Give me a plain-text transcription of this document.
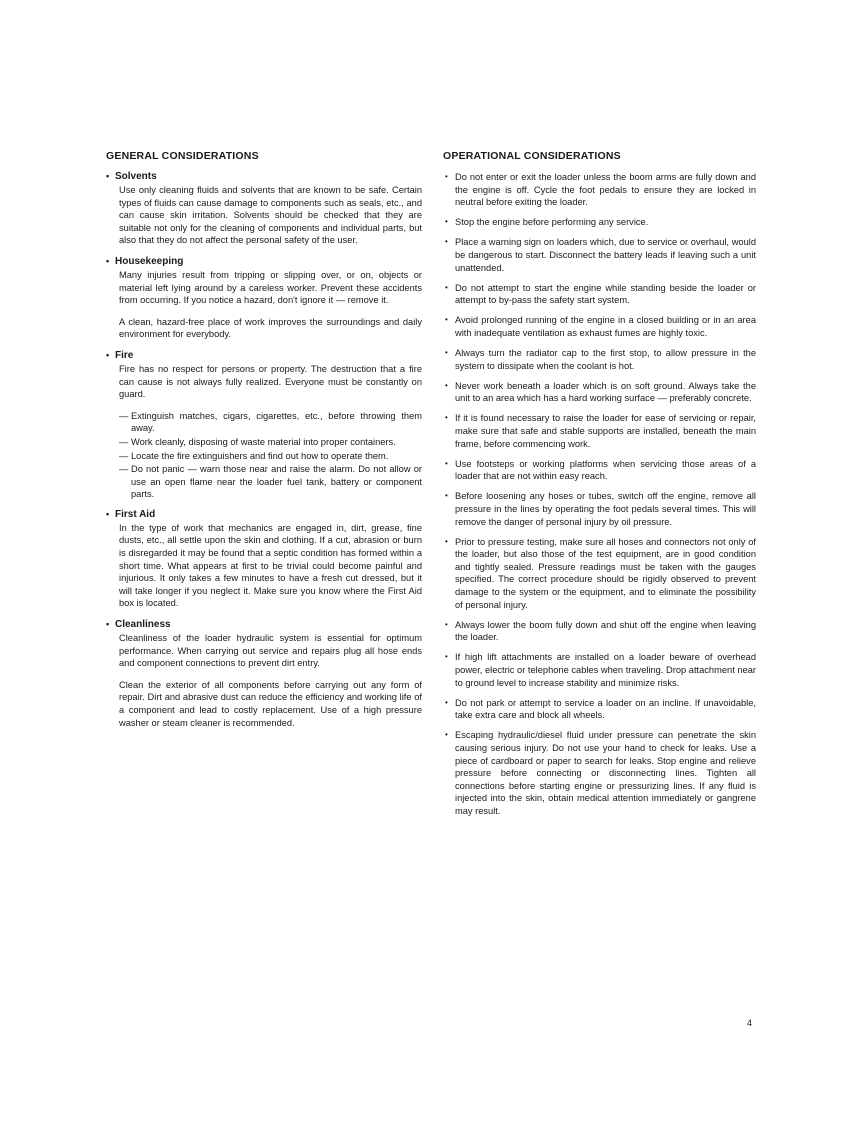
GENERAL CONSIDERATIONS
• Solvents

Use only cleaning fluids and solvents that are known to be safe. Certain types of fluids can cause damage to components such as seals, etc., and can cause skin irritation. Solvents should be checked that they are suitable not only for the cleaning of components and individual parts, but also that they do not affect the personal safety of the user.

• Housekeeping

Many injuries result from tripping or slipping over, or on, objects or material left lying around by a careless worker. Prevent these accidents from occurring. If you notice a hazard, don't ignore it — remove it.

A clean, hazard-free place of work improves the surroundings and daily environment for everybody.

• Fire

Fire has no respect for persons or property. The destruction that a fire can cause is not always fully realized. Everyone must be constantly on guard.

— Extinguish matches, cigars, cigarettes, etc., before throwing them away.
— Work cleanly, disposing of waste material into proper containers.
— Locate the fire extinguishers and find out how to operate them.
— Do not panic — warn those near and raise the alarm. Do not allow or use an open flame near the loader fuel tank, battery or component parts.
• First Aid

In the type of work that mechanics are engaged in, dirt, grease, fine dusts, etc., all settle upon the skin and clothing. If a cut, abrasion or burn is disregarded it may be found that a septic condition has formed within a short time. What appears at first to be trivial could become painful and injurious. It only takes a few minutes to have a fresh cut dressed, but it will take longer if you neglect it. Make sure you know where the First Aid box is located.

• Cleanliness

Cleanliness of the loader hydraulic system is essential for optimum performance. When carrying out service and repairs plug all hose ends and component connections to prevent dirt entry.

Clean the exterior of all components before carrying out any form of repair. Dirt and abrasive dust can reduce the efficiency and working life of a component and lead to costly replacement. Use of a high pressure washer or steam cleaner is recommended.

OPERATIONAL CONSIDERATIONS
• Do not enter or exit the loader unless the boom arms are fully down and the engine is off. Cycle the foot pedals to ensure they are locked in neutral before exiting the loader.
• Stop the engine before performing any service.
• Place a warning sign on loaders which, due to service or overhaul, would be dangerous to start. Disconnect the battery leads if leaving such a unit unattended.
• Do not attempt to start the engine while standing beside the loader or attempt to by-pass the safety start system.
• Avoid prolonged running of the engine in a closed building or in an area with inadequate ventilation as exhaust fumes are highly toxic.
• Always turn the radiator cap to the first stop, to allow pressure in the system to dissipate when the coolant is hot.
• Never work beneath a loader which is on soft ground. Always take the unit to an area which has a hard working surface — preferably concrete.
• If it is found necessary to raise the loader for ease of servicing or repair, make sure that safe and stable supports are installed, beneath the main frame, before commencing work.
• Use footsteps or working platforms when servicing those areas of a loader that are not within easy reach.
• Before loosening any hoses or tubes, switch off the engine, remove all pressure in the lines by operating the foot pedals several times. This will remove the danger of personal injury by oil pressure.
• Prior to pressure testing, make sure all hoses and connectors not only of the loader, but also those of the test equipment, are in good condition and tightly sealed. Pressure readings must be taken with the gauges specified. The correct procedure should be rigidly observed to prevent damage to the system or the equipment, and to eliminate the possibility of personal injury.
• Always lower the boom fully down and shut off the engine when leaving the loader.
• If high lift attachments are installed on a loader beware of overhead power, electric or telephone cables when traveling. Drop attachment near to ground level to increase stability and minimize risks.
• Do not park or attempt to service a loader on an incline. If unavoidable, take extra care and block all wheels.
• Escaping hydraulic/diesel fluid under pressure can penetrate the skin causing serious injury. Do not use your hand to check for leaks. Use a piece of cardboard or paper to search for leaks. Stop engine and relieve pressure before connecting or disconnecting lines. Tighten all connections before starting engine or pressurizing lines. If any fluid is injected into the skin, obtain medical attention immediately or gangrene may result.
4
